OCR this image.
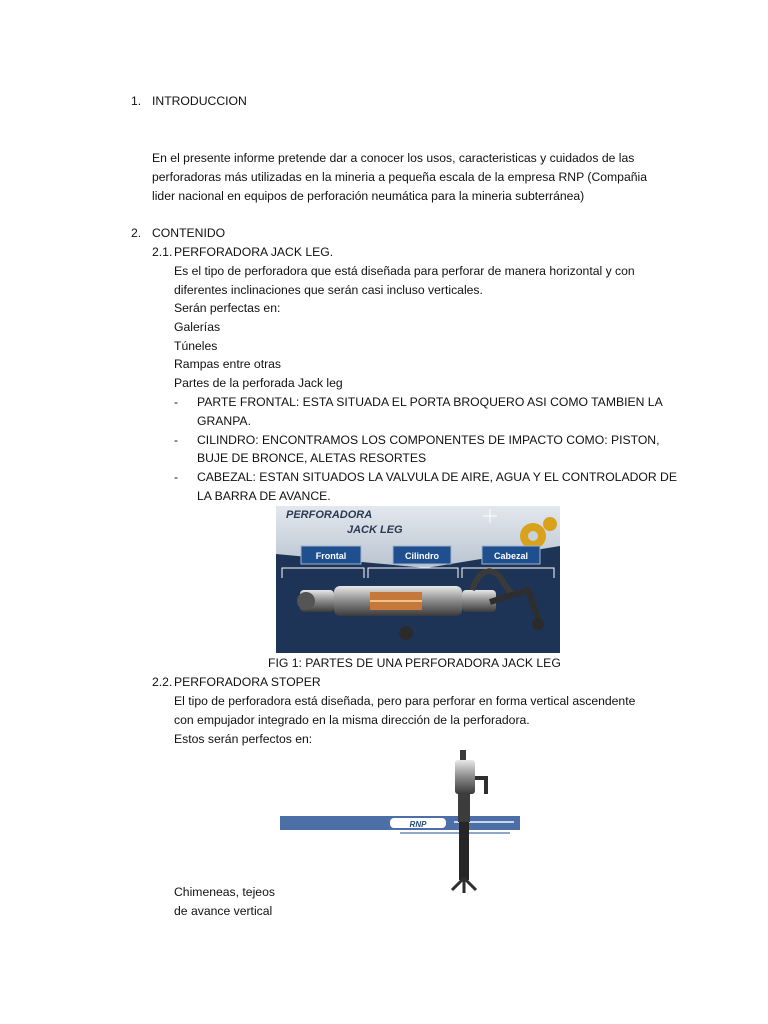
1. INTRODUCCION
En el presente informe pretende dar a conocer los usos, caracteristicas y cuidados de las
perforadoras más utilizadas en la mineria a pequeña escala de la empresa RNP (Compañia
lider nacional en equipos de perforación neumática para la mineria subterránea)
2. CONTENIDO
2.1. PERFORADORA JACK LEG.
Es el tipo de perforadora que está diseñada para perforar de manera horizontal y con
diferentes inclinaciones que serán casi incluso verticales.
Serán perfectas en:
Galerías
Túneles
Rampas entre otras
Partes de la perforada Jack leg
- PARTE FRONTAL: ESTA SITUADA EL PORTA BROQUERO ASI COMO TAMBIEN LA
GRANPA.
- CILINDRO: ENCONTRAMOS LOS COMPONENTES DE IMPACTO COMO: PISTON,
BUJE DE BRONCE, ALETAS RESORTES
- CABEZAL: ESTAN SITUADOS LA VALVULA DE AIRE, AGUA Y EL CONTROLADOR DE
LA BARRA DE AVANCE.
PERFORADORA
JACK LEG
Frontal	Cilindro	Cabezal
FIG 1: PARTES DE UNA PERFORADORA JACK LEG
2.2. PERFORADORA STOPER
El tipo de perforadora está diseñada, pero para perforar en forma vertical ascendente
con empujador integrado en la misma dirección de la perforadora.
Estos serán perfectos en:
RNP
Chimeneas, tejeos
de avance vertical
